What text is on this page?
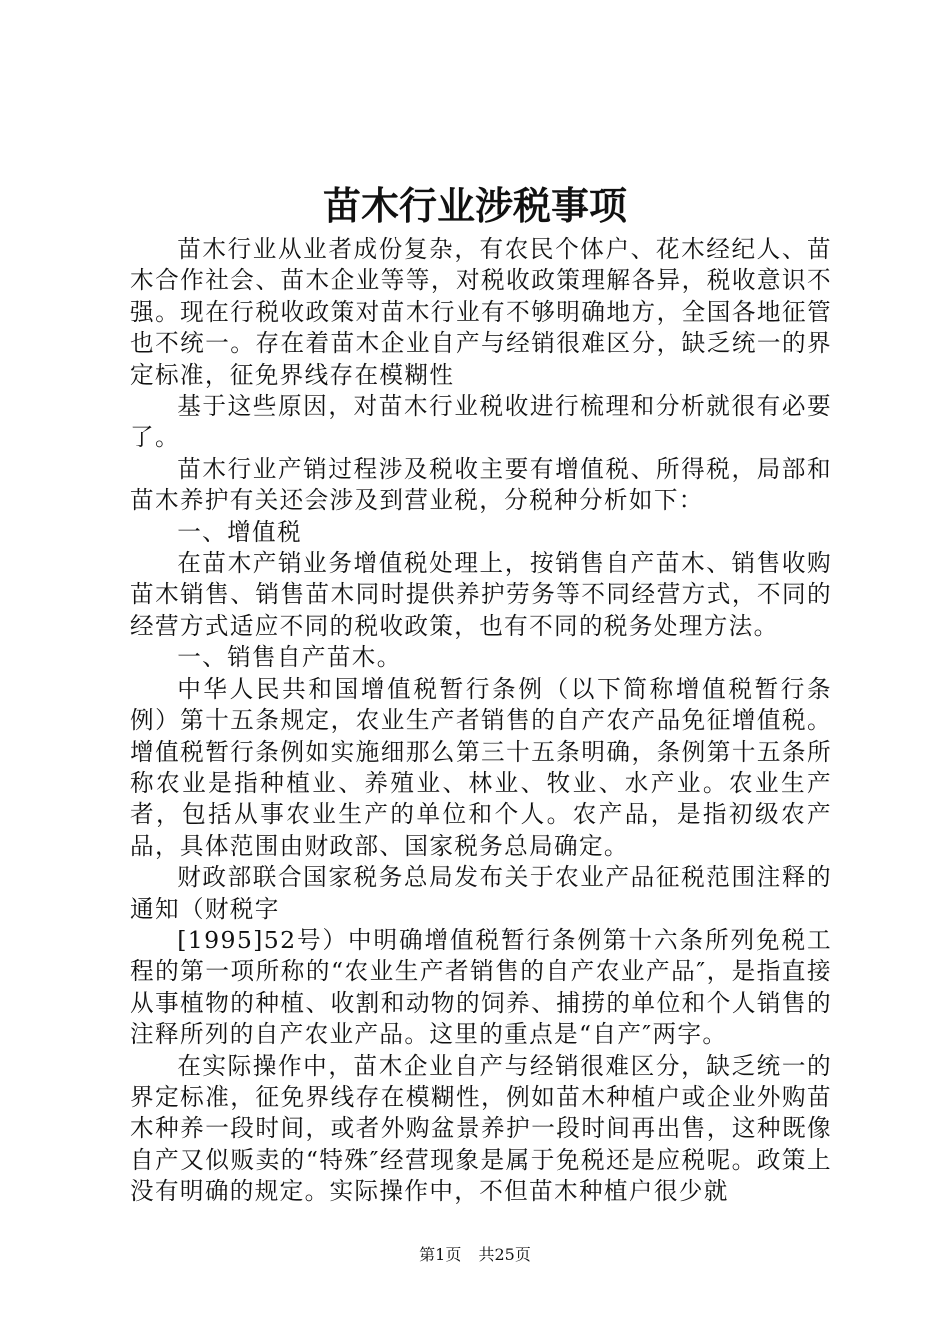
苗木行业涉税事项

苗木行业从业者成份复杂，有农民个体户、花木经纪人、苗木合作社会、苗木企业等等，对税收政策理解各异，税收意识不强。现在行税收政策对苗木行业有不够明确地方，全国各地征管也不统一。存在着苗木企业自产与经销很难区分，缺乏统一的界定标准，征免界线存在模糊性

基于这些原因，对苗木行业税收进行梳理和分析就很有必要了。

苗木行业产销过程涉及税收主要有增值税、所得税，局部和苗木养护有关还会涉及到营业税，分税种分析如下：

一、增值税

在苗木产销业务增值税处理上，按销售自产苗木、销售收购苗木销售、销售苗木同时提供养护劳务等不同经营方式，不同的经营方式适应不同的税收政策，也有不同的税务处理方法。

一、销售自产苗木。

中华人民共和国增值税暂行条例（以下简称增值税暂行条例）第十五条规定，农业生产者销售的自产农产品免征增值税。增值税暂行条例如实施细那么第三十五条明确，条例第十五条所称农业是指种植业、养殖业、林业、牧业、水产业。农业生产者，包括从事农业生产的单位和个人。农产品，是指初级农产品，具体范围由财政部、国家税务总局确定。

财政部联合国家税务总局发布关于农业产品征税范围注释的通知（财税字

[1995]52号）中明确增值税暂行条例第十六条所列免税工程的第一项所称的“农业生产者销售的自产农业产品″，是指直接从事植物的种植、收割和动物的饲养、捕捞的单位和个人销售的注释所列的自产农业产品。这里的重点是“自产″两字。

在实际操作中，苗木企业自产与经销很难区分，缺乏统一的界定标准，征免界线存在模糊性，例如苗木种植户或企业外购苗木种养一段时间，或者外购盆景养护一段时间再出售，这种既像自产又似贩卖的“特殊″经营现象是属于免税还是应税呢。政策上没有明确的规定。实际操作中，不但苗木种植户很少就

第1页 共25页
